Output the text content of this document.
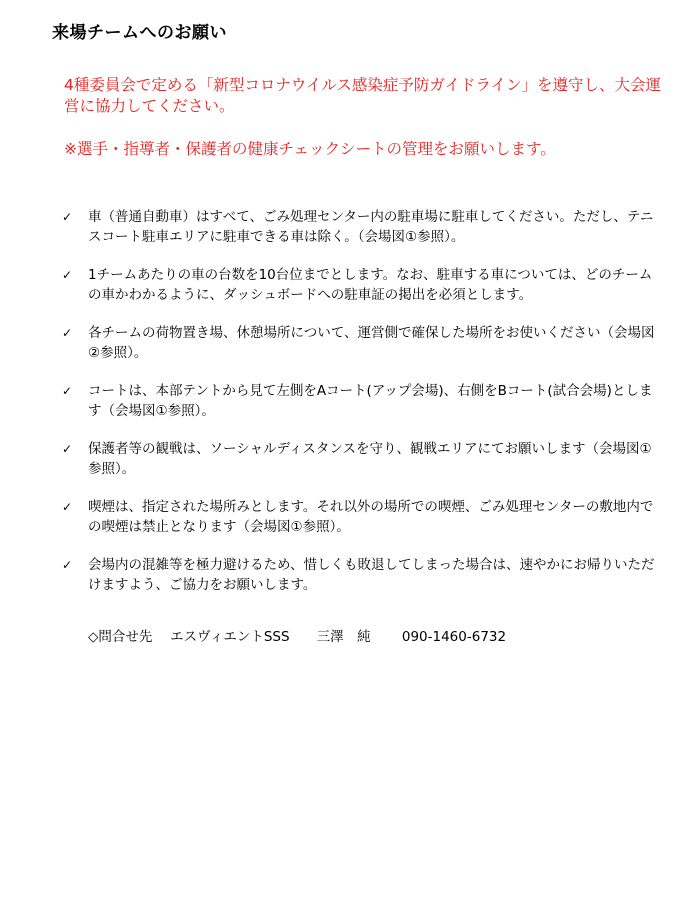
来場チームへのお願い

4種委員会で定める「新型コロナウイルス感染症予防ガイドライン」を遵守し、大会運営に協力してください。

※選手・指導者・保護者の健康チェックシートの管理をお願いします。

✓	車（普通自動車）はすべて、ごみ処理センター内の駐車場に駐車してください。ただし、テニスコート駐車エリアに駐車できる車は除く。（会場図①参照）。
✓	1チームあたりの車の台数を10台位までとします。なお、駐車する車については、どのチームの車かわかるように、ダッシュボードへの駐車証の掲出を必須とします。
✓	各チームの荷物置き場、休憩場所について、運営側で確保した場所をお使いください（会場図②参照）。
✓	コートは、本部テントから見て左側をAコート(アップ会場)、右側をBコート(試合会場)とします（会場図①参照）。
✓	保護者等の観戦は、ソーシャルディスタンスを守り、観戦エリアにてお願いします（会場図①参照）。
✓	喫煙は、指定された場所みとします。それ以外の場所での喫煙、ごみ処理センターの敷地内での喫煙は禁止となります（会場図①参照）。
✓	会場内の混雑等を極力避けるため、惜しくも敗退してしまった場合は、速やかにお帰りいただけますよう、ご協力をお願いします。
◇問合せ先　 エスヴィエントSSS　　三澤　純　　 090-1460-6732
